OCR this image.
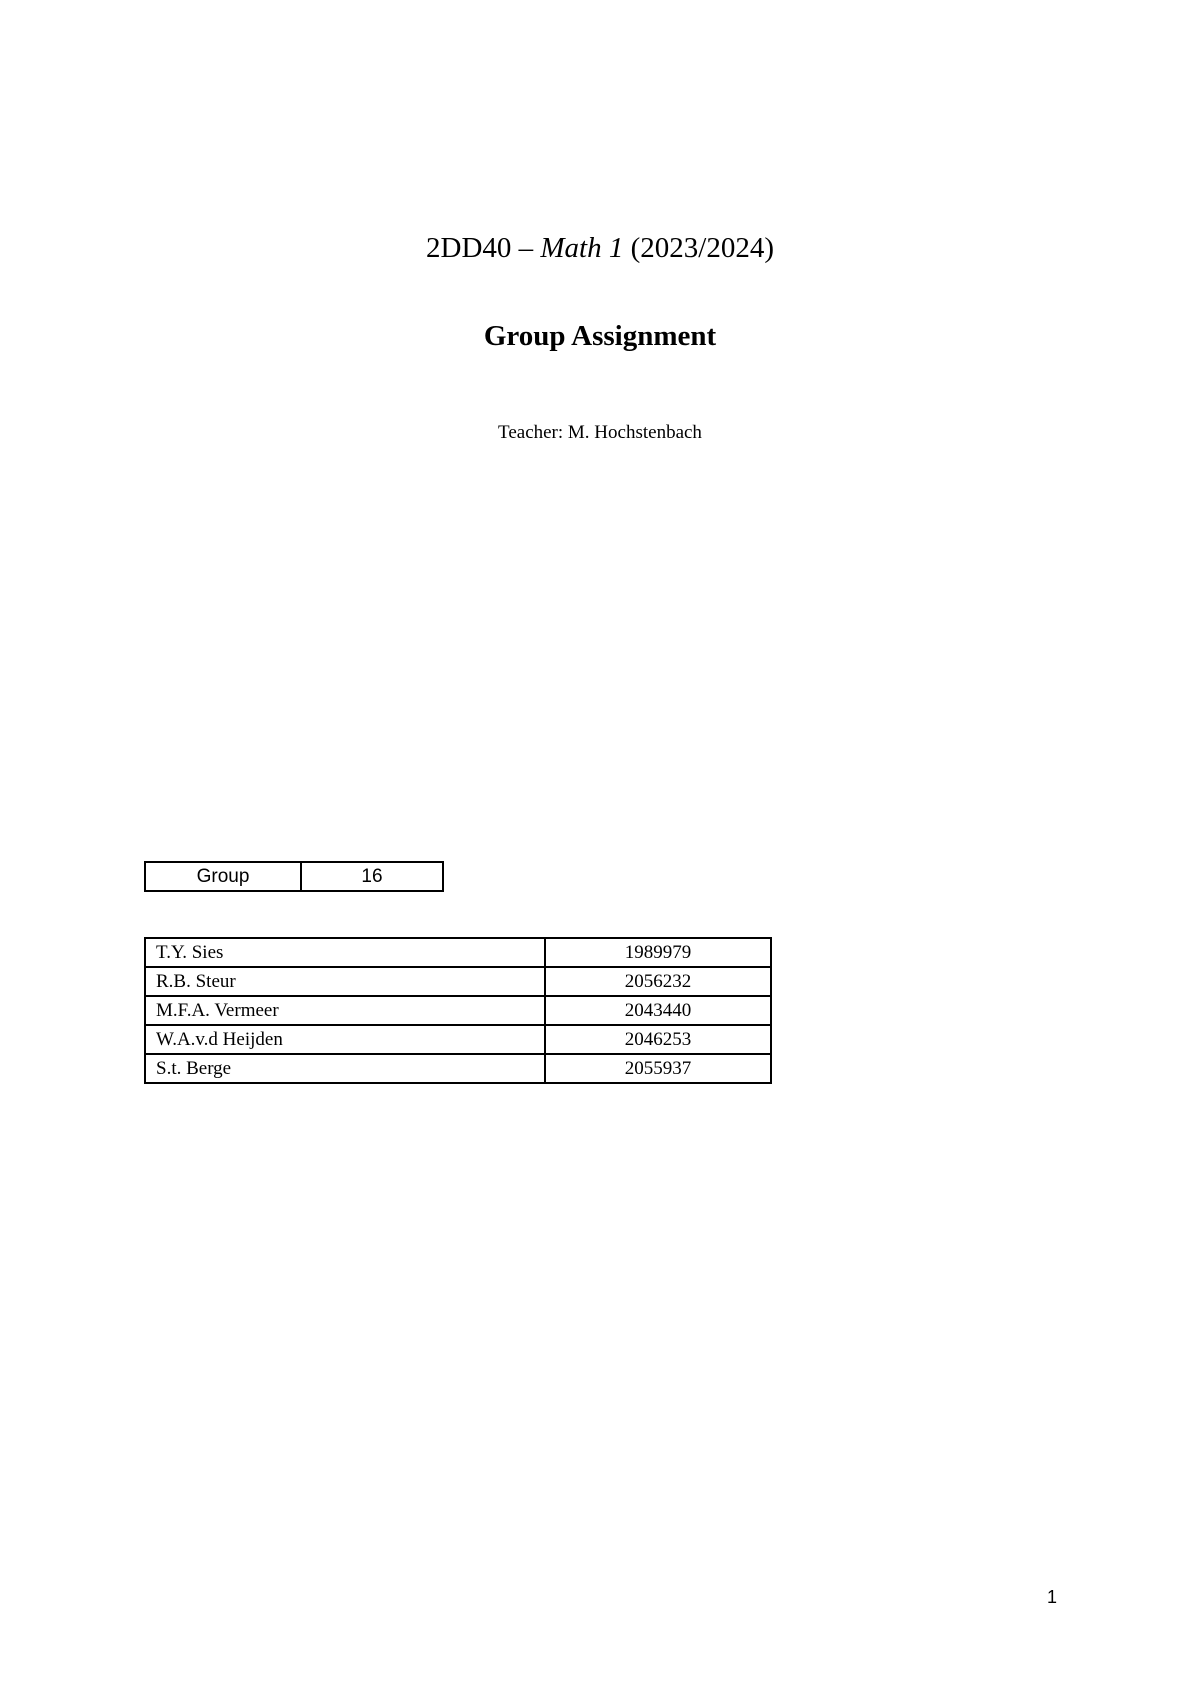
2DD40 – Math 1 (2023/2024)
Group Assignment
Teacher: M. Hochstenbach
Group	16
T.Y. Sies	1989979
R.B. Steur	2056232
M.F.A. Vermeer	2043440
W.A.v.d Heijden	2046253
S.t. Berge	2055937
1
